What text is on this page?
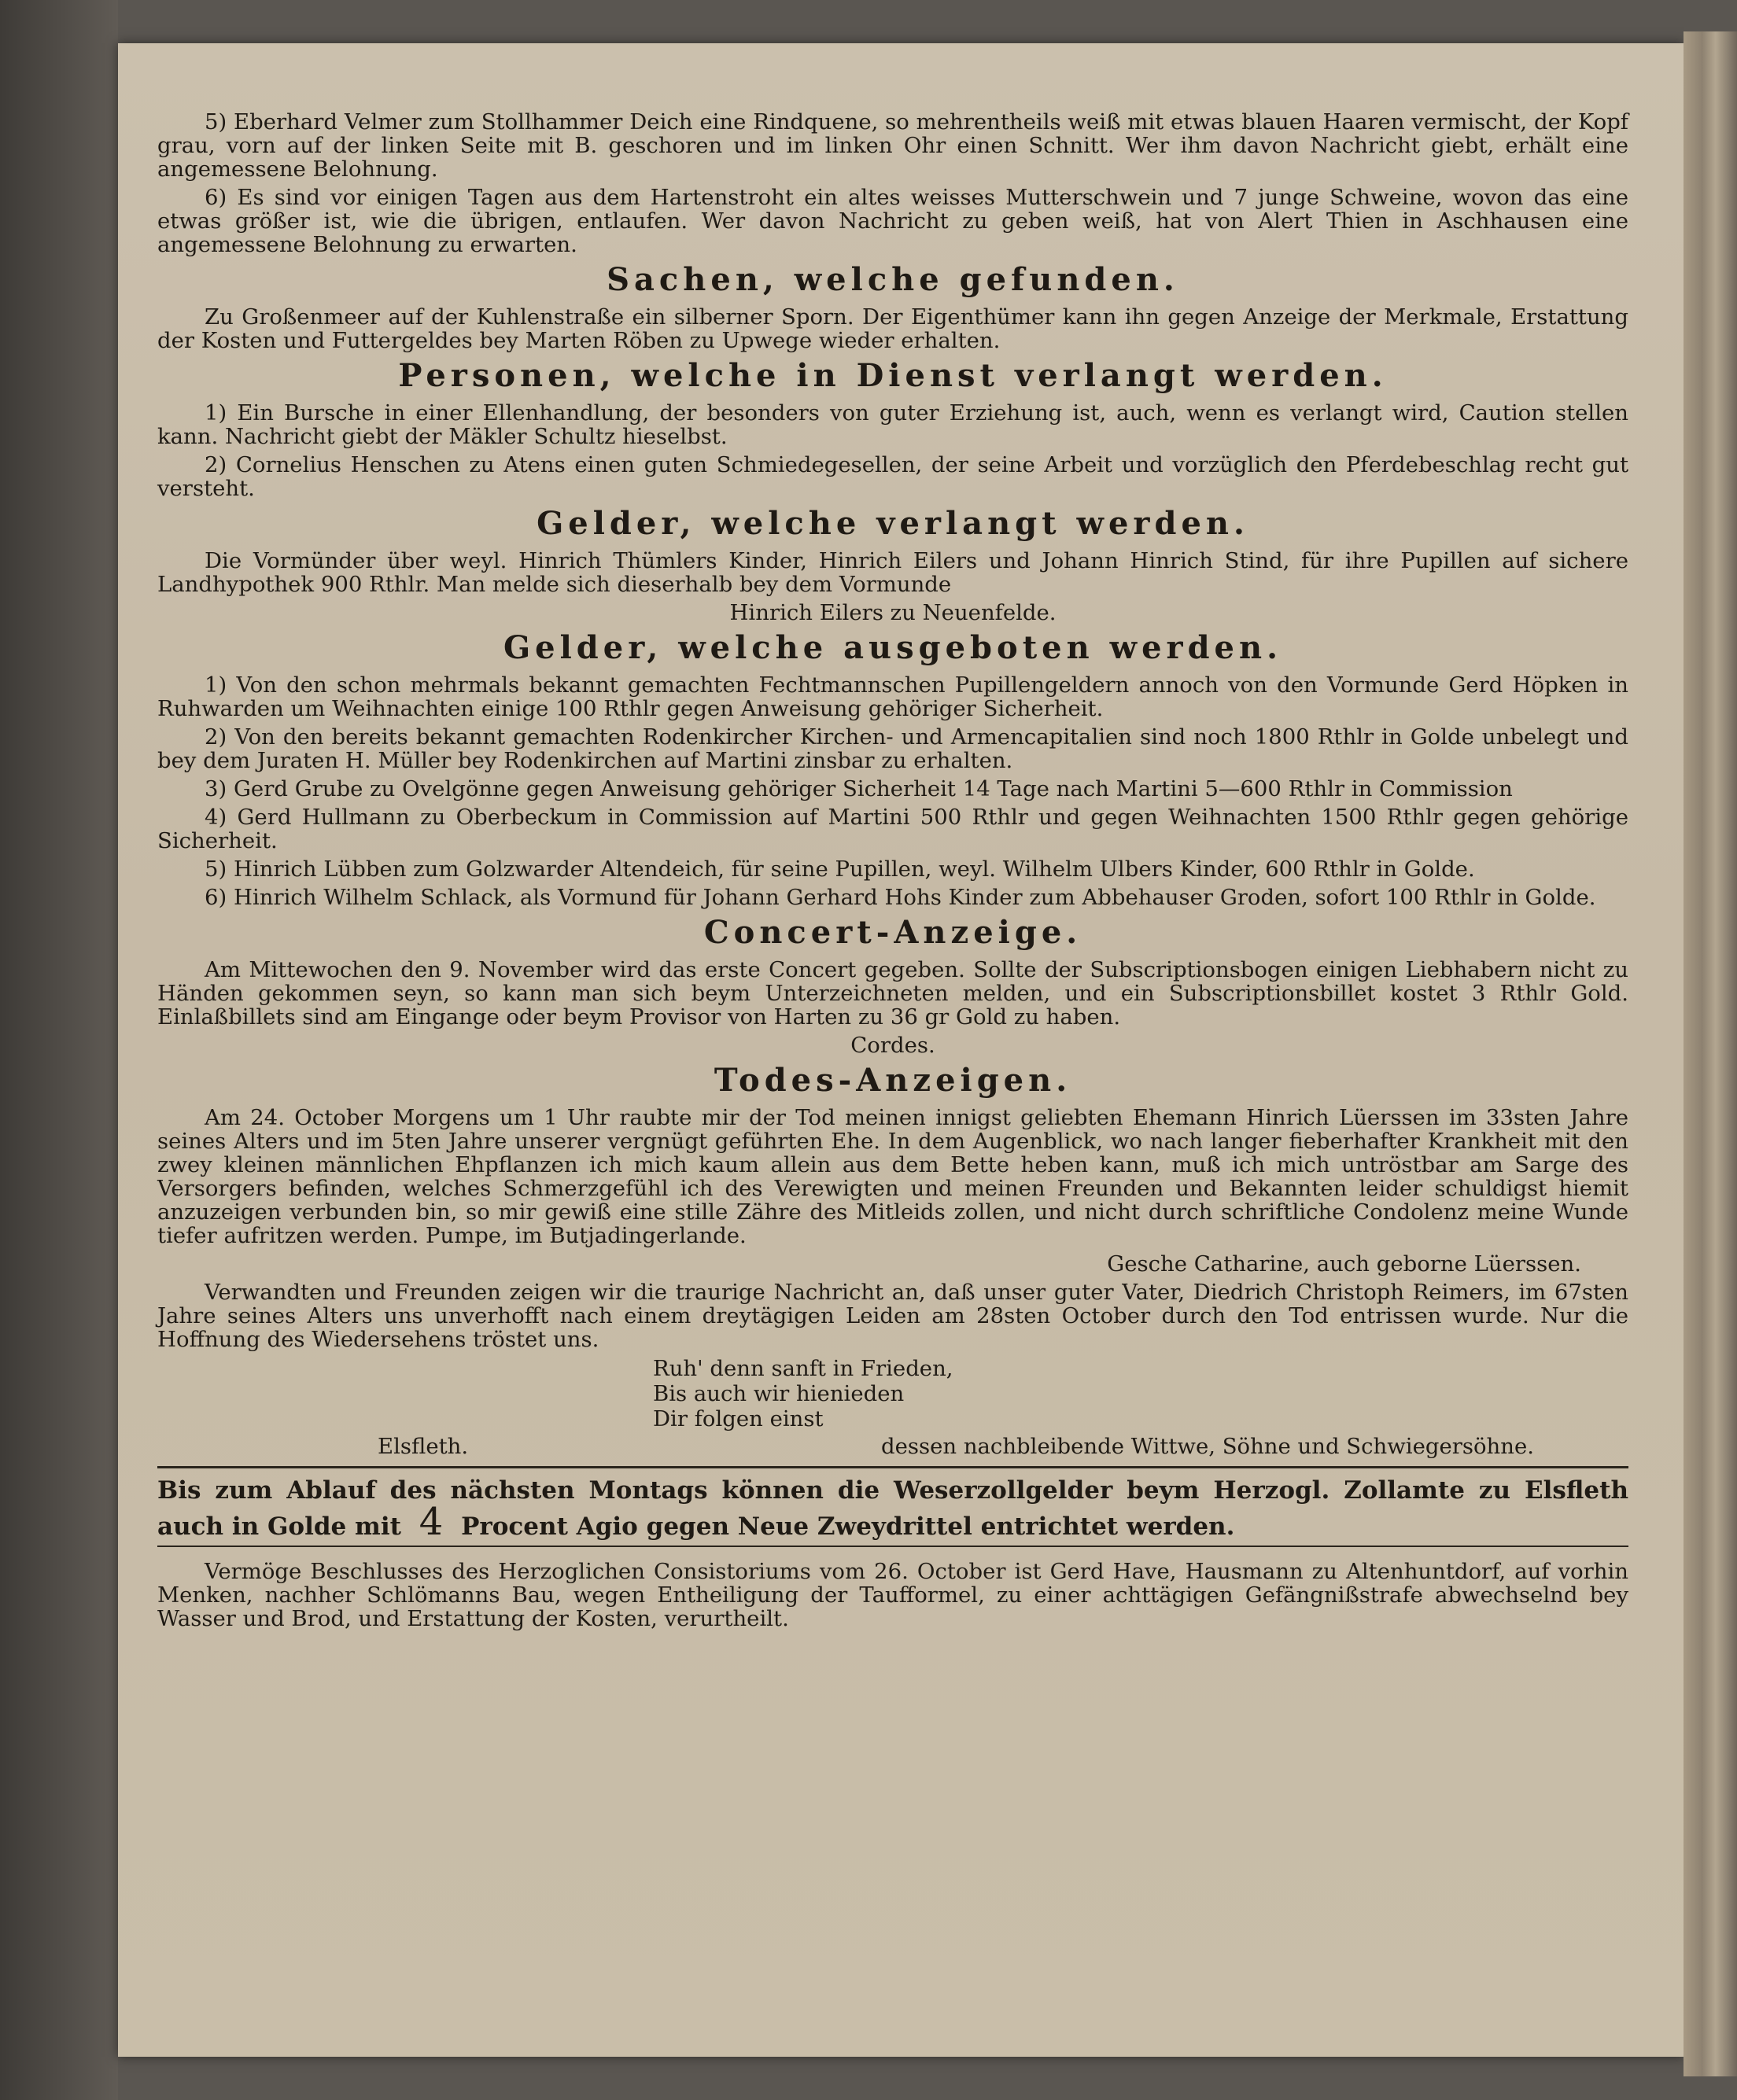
5) Eberhard Velmer zum Stollhammer Deich eine Rindquene, so mehrentheils weiß mit etwas blauen Haaren vermischt, der Kopf grau, vorn auf der linken Seite mit B. geschoren und im linken Ohr einen Schnitt. Wer ihm davon Nachricht giebt, erhält eine angemessene Belohnung.

6) Es sind vor einigen Tagen aus dem Hartenstroht ein altes weisses Mutterschwein und 7 junge Schweine, wovon das eine etwas größer ist, wie die übrigen, entlaufen. Wer davon Nachricht zu geben weiß, hat von Alert Thien in Aschhausen eine angemessene Belohnung zu erwarten.

Sachen, welche gefunden.

Zu Großenmeer auf der Kuhlenstraße ein silberner Sporn. Der Eigenthümer kann ihn gegen Anzeige der Merkmale, Erstattung der Kosten und Futtergeldes bey Marten Röben zu Upwege wieder erhalten.

Personen, welche in Dienst verlangt werden.

1) Ein Bursche in einer Ellenhandlung, der besonders von guter Erziehung ist, auch, wenn es verlangt wird, Caution stellen kann. Nachricht giebt der Mäkler Schultz hieselbst.

2) Cornelius Henschen zu Atens einen guten Schmiedegesellen, der seine Arbeit und vorzüglich den Pferdebeschlag recht gut versteht.

Gelder, welche verlangt werden.

Die Vormünder über weyl. Hinrich Thümlers Kinder, Hinrich Eilers und Johann Hinrich Stind, für ihre Pupillen auf sichere Landhypothek 900 Rthlr. Man melde sich dieserhalb bey dem Vormunde

Hinrich Eilers zu Neuenfelde.

Gelder, welche ausgeboten werden.

1) Von den schon mehrmals bekannt gemachten Fechtmannschen Pupillengeldern annoch von den Vormunde Gerd Höpken in Ruhwarden um Weihnachten einige 100 Rthlr gegen Anweisung gehöriger Sicherheit.

2) Von den bereits bekannt gemachten Rodenkircher Kirchen- und Armencapitalien sind noch 1800 Rthlr in Golde unbelegt und bey dem Juraten H. Müller bey Rodenkirchen auf Martini zinsbar zu erhalten.

3) Gerd Grube zu Ovelgönne gegen Anweisung gehöriger Sicherheit 14 Tage nach Martini 5—600 Rthlr in Commission

4) Gerd Hullmann zu Oberbeckum in Commission auf Martini 500 Rthlr und gegen Weihnachten 1500 Rthlr gegen gehörige Sicherheit.

5) Hinrich Lübben zum Golzwarder Altendeich, für seine Pupillen, weyl. Wilhelm Ulbers Kinder, 600 Rthlr in Golde.

6) Hinrich Wilhelm Schlack, als Vormund für Johann Gerhard Hohs Kinder zum Abbehauser Groden, sofort 100 Rthlr in Golde.

Concert-Anzeige.

Am Mittewochen den 9. November wird das erste Concert gegeben. Sollte der Subscriptionsbogen einigen Liebhabern nicht zu Händen gekommen seyn, so kann man sich beym Unterzeichneten melden, und ein Subscriptionsbillet kostet 3 Rthlr Gold. Einlaßbillets sind am Eingange oder beym Provisor von Harten zu 36 gr Gold zu haben.

Cordes.

Todes-Anzeigen.

Am 24. October Morgens um 1 Uhr raubte mir der Tod meinen innigst geliebten Ehemann Hinrich Lüerssen im 33sten Jahre seines Alters und im 5ten Jahre unserer vergnügt geführten Ehe. In dem Augenblick, wo nach langer fieberhafter Krankheit mit den zwey kleinen männlichen Ehpflanzen ich mich kaum allein aus dem Bette heben kann, muß ich mich untröstbar am Sarge des Versorgers befinden, welches Schmerzgefühl ich des Verewigten und meinen Freunden und Bekannten leider schuldigst hiemit anzuzeigen verbunden bin, so mir gewiß eine stille Zähre des Mitleids zollen, und nicht durch schriftliche Condolenz meine Wunde tiefer aufritzen werden. Pumpe, im Butjadingerlande.

Gesche Catharine, auch geborne Lüerssen.

Verwandten und Freunden zeigen wir die traurige Nachricht an, daß unser guter Vater, Diedrich Christoph Reimers, im 67sten Jahre seines Alters uns unverhofft nach einem dreytägigen Leiden am 28sten October durch den Tod entrissen wurde. Nur die Hoffnung des Wiedersehens tröstet uns.

Ruh' denn sanft in Frieden,
Bis auch wir hienieden
Dir folgen einst
Elsfleth.	dessen nachbleibende Wittwe, Söhne und Schwiegersöhne.
Bis zum Ablauf des nächsten Montags können die Weserzollgelder beym Herzogl. Zollamte zu Elsfleth auch in Golde mit 4 Procent Agio gegen Neue Zweydrittel entrichtet werden.

Vermöge Beschlusses des Herzoglichen Consistoriums vom 26. October ist Gerd Have, Hausmann zu Altenhuntdorf, auf vorhin Menken, nachher Schlömanns Bau, wegen Entheiligung der Taufformel, zu einer achttägigen Gefängnißstrafe abwechselnd bey Wasser und Brod, und Erstattung der Kosten, verurtheilt.
